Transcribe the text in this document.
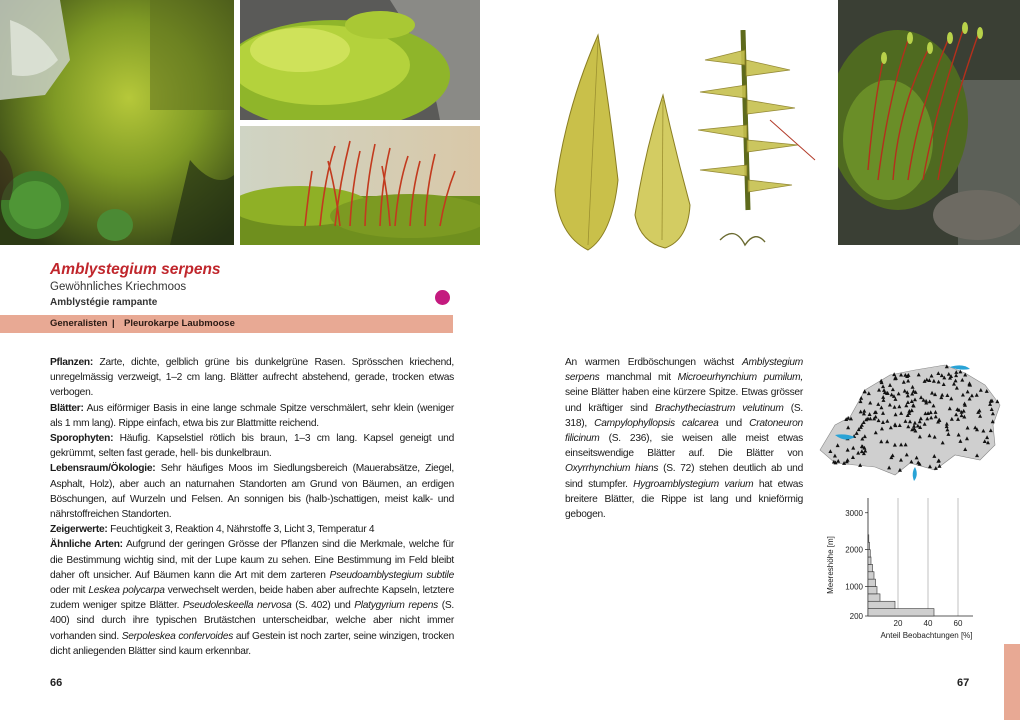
Amblystegium serpens
Gewöhnliches Kriechmoos
Amblystégie rampante
Generalisten | Pleurokarpe Laubmoose

Pflanzen: Zarte, dichte, gelblich grüne bis dunkelgrüne Rasen. Sprösschen kriechend, unregelmässig verzweigt, 1–2 cm lang. Blätter aufrecht abstehend, gerade, trocken etwas verbogen.

Blätter: Aus eiförmiger Basis in eine lange schmale Spitze verschmälert, sehr klein (weniger als 1 mm lang). Rippe einfach, etwa bis zur Blattmitte reichend.

Sporophyten: Häufig. Kapselstiel rötlich bis braun, 1–3 cm lang. Kapsel geneigt und gekrümmt, selten fast gerade, hell- bis dunkelbraun.

Lebensraum/Ökologie: Sehr häufiges Moos im Siedlungsbereich (Mauerabsätze, Ziegel, Asphalt, Holz), aber auch an naturnahen Standorten am Grund von Bäumen, an erdigen Böschungen, auf Wurzeln und Felsen. An sonnigen bis (halb-)schattigen, meist kalk- und nährstoffreichen Standorten.

Zeigerwerte: Feuchtigkeit 3, Reaktion 4, Nährstoffe 3, Licht 3, Temperatur 4

Ähnliche Arten: Aufgrund der geringen Grösse der Pflanzen sind die Merkmale, welche für die Bestimmung wichtig sind, mit der Lupe kaum zu sehen. Eine Bestimmung im Feld bleibt daher oft unsicher. Auf Bäumen kann die Art mit dem zarteren Pseudoamblystegium subtile oder mit Leskea polycarpa verwechselt werden, beide haben aber aufrechte Kapseln, letztere zudem weniger spitze Blätter. Pseudoleskeella nervosa (S. 402) und Platygyrium repens (S. 400) sind durch ihre typischen Brutästchen unterscheidbar, welche aber nicht immer vorhanden sind. Serpoleskea confervoides auf Gestein ist noch zarter, seine winzigen, trocken dicht anliegenden Blätter sind kaum erkennbar.

An warmen Erdböschungen wächst Amblystegium serpens manchmal mit Microeurhynchium pumilum, seine Blätter haben eine kürzere Spitze. Etwas grösser und kräftiger sind Brachytheciastrum velutinum (S. 318), Campylophyllopsis calcarea und Cratoneuron filicinum (S. 236), sie weisen alle meist etwas einseitswendige Blätter auf. Die Blätter von Oxyrrhynchium hians (S. 72) stehen deutlich ab und sind stumpfer. Hygroamblystegium varium hat etwas breitere Blätter, die Rippe ist lang und knieförmig gebogen.

20	40	60
200
1000
2000
3000
Anteil Beobachtungen [%]
Meereshöhe [m]
66	67
